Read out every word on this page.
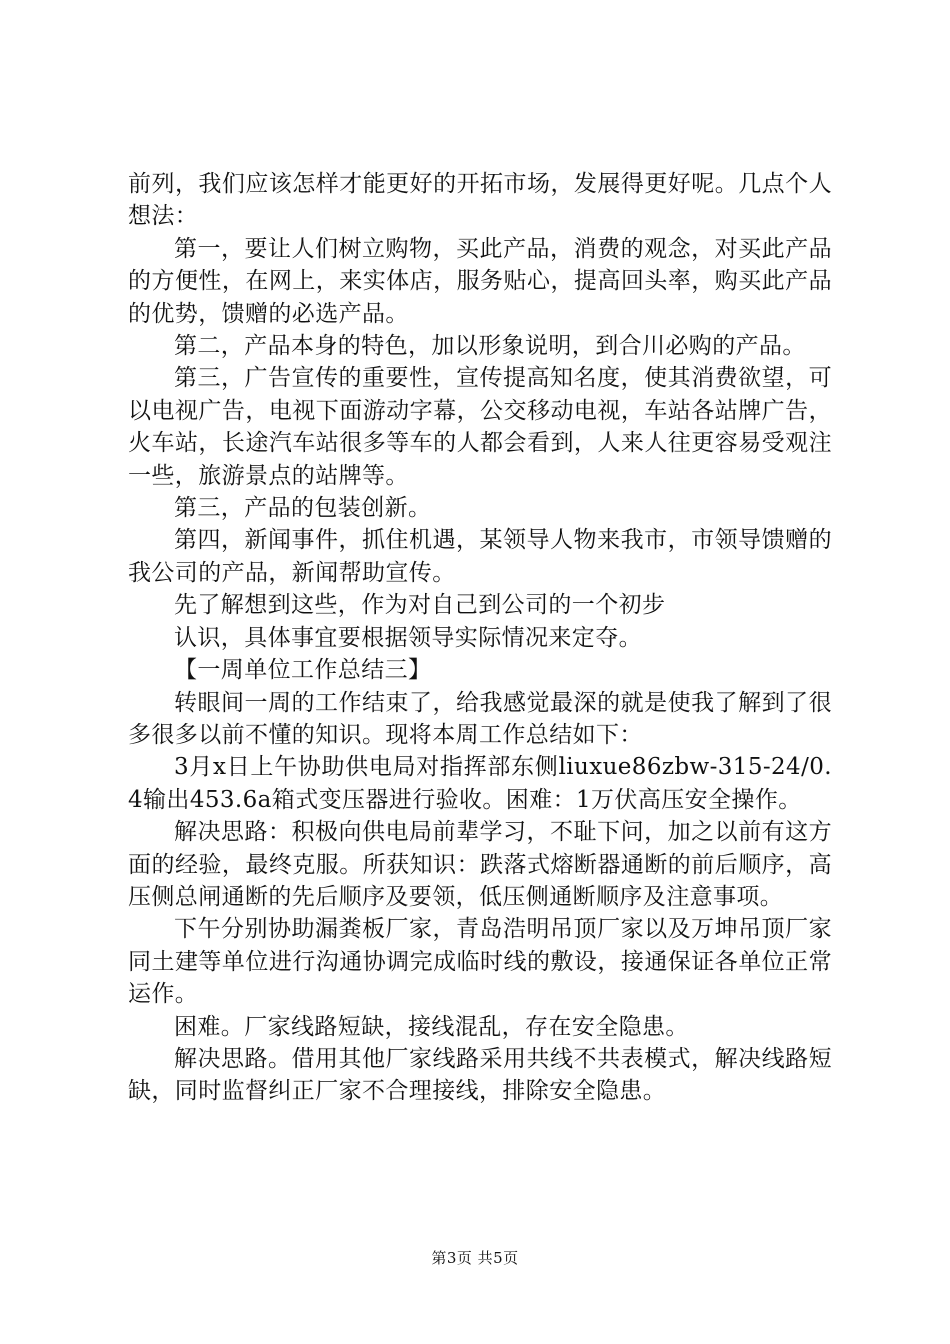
前列，我们应该怎样才能更好的开拓市场，发展得更好呢。几点个人想法：

第一，要让人们树立购物，买此产品，消费的观念，对买此产品的方便性，在网上，来实体店，服务贴心，提高回头率，购买此产品的优势，馈赠的必选产品。

第二，产品本身的特色，加以形象说明，到合川必购的产品。

第三，广告宣传的重要性，宣传提高知名度，使其消费欲望，可以电视广告，电视下面游动字幕，公交移动电视，车站各站牌广告，火车站，长途汽车站很多等车的人都会看到，人来人往更容易受观注一些，旅游景点的站牌等。

第三，产品的包装创新。

第四，新闻事件，抓住机遇，某领导人物来我市，市领导馈赠的我公司的产品，新闻帮助宣传。

先了解想到这些，作为对自己到公司的一个初步

认识，具体事宜要根据领导实际情况来定夺。

【一周单位工作总结三】

转眼间一周的工作结束了，给我感觉最深的就是使我了解到了很多很多以前不懂的知识。现将本周工作总结如下：

3月x日上午协助供电局对指挥部东侧liuxue86zbw-315-24/0.4输出453.6a箱式变压器进行验收。困难：1万伏高压安全操作。

解决思路：积极向供电局前辈学习，不耻下问，加之以前有这方面的经验，最终克服。所获知识：跌落式熔断器通断的前后顺序，高压侧总闸通断的先后顺序及要领，低压侧通断顺序及注意事项。

下午分别协助漏粪板厂家，青岛浩明吊顶厂家以及万坤吊顶厂家同土建等单位进行沟通协调完成临时线的敷设，接通保证各单位正常运作。

困难。厂家线路短缺，接线混乱，存在安全隐患。

解决思路。借用其他厂家线路采用共线不共表模式，解决线路短缺，同时监督纠正厂家不合理接线，排除安全隐患。

第3页 共5页
